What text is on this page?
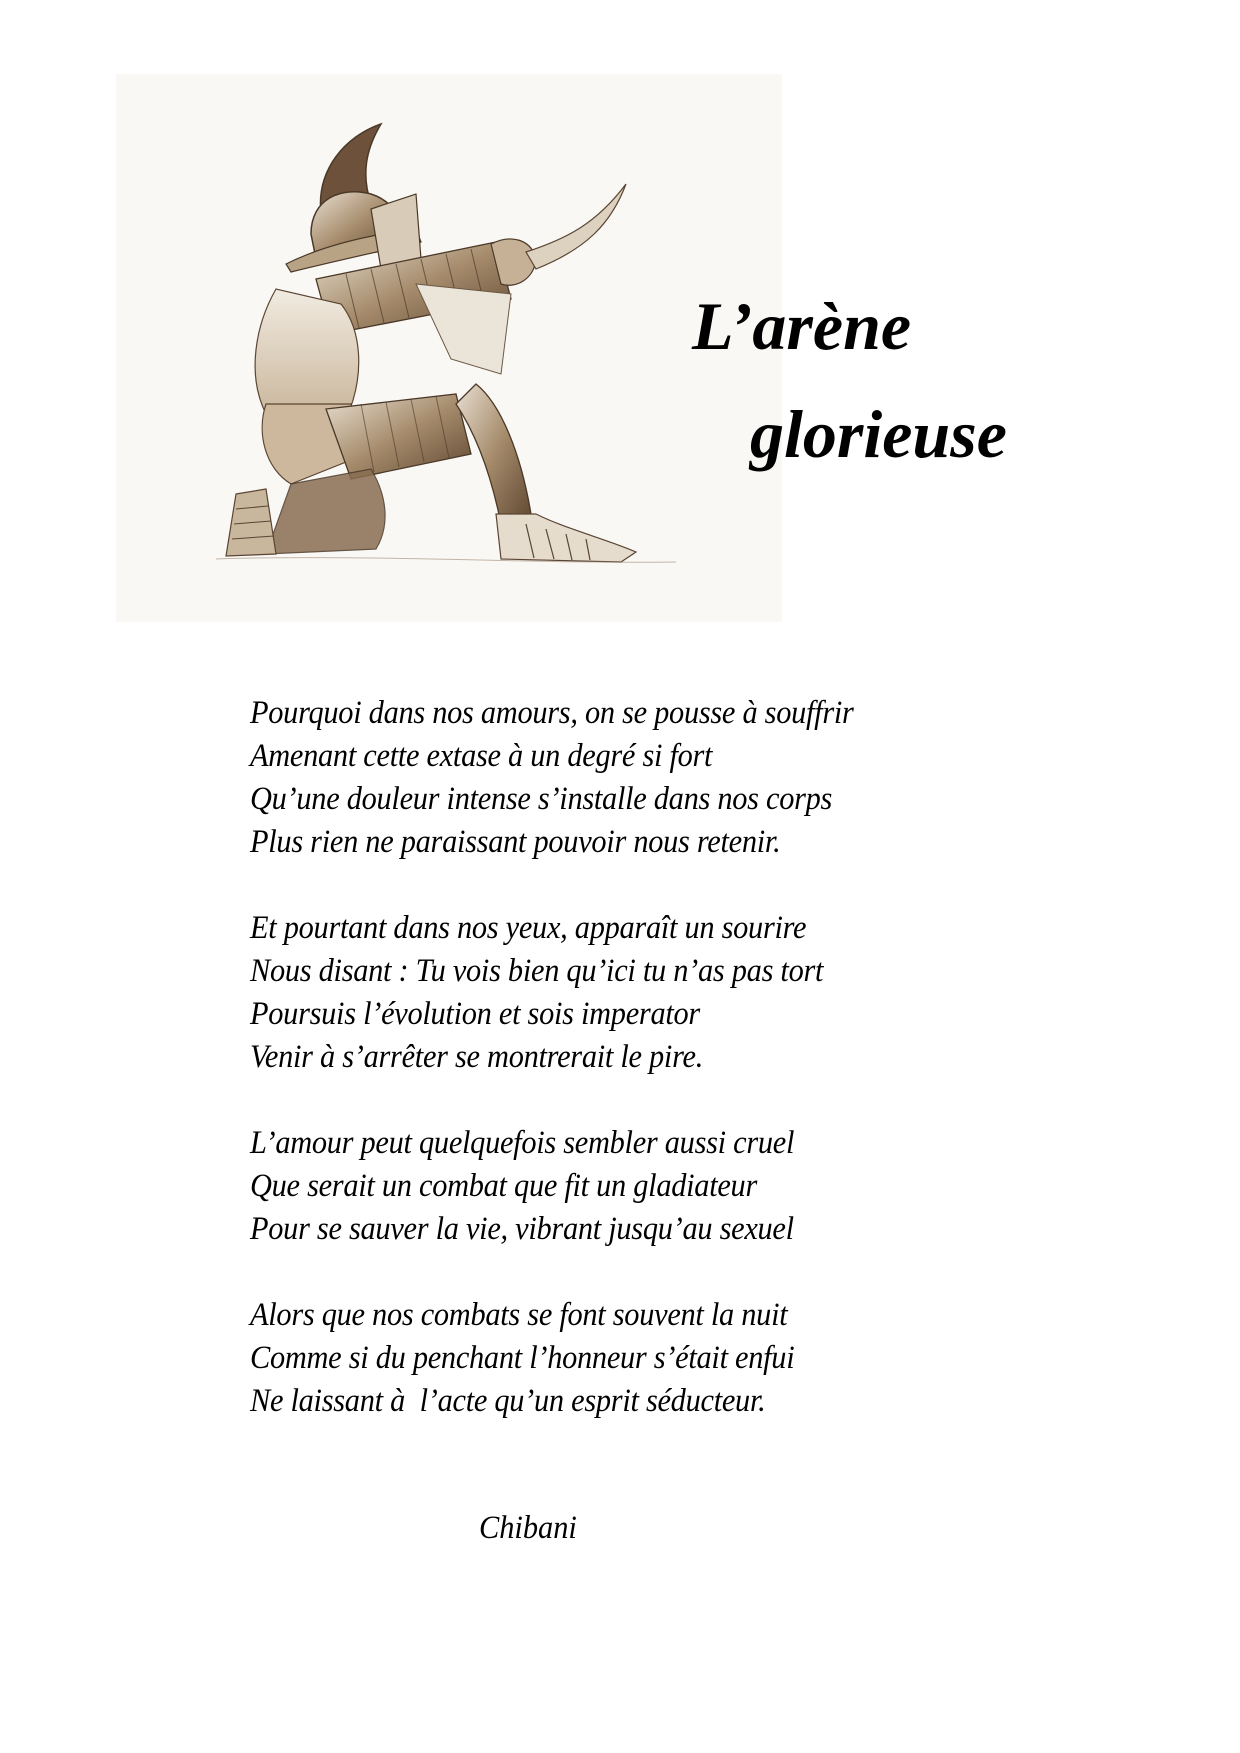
L’arène
glorieuse
Pourquoi dans nos amours, on se pousse à souffrir
Amenant cette extase à un degré si fort
Qu’une douleur intense s’installe dans nos corps
Plus rien ne paraissant pouvoir nous retenir.
Et pourtant dans nos yeux, apparaît un sourire
Nous disant : Tu vois bien qu’ici tu n’as pas tort
Poursuis l’évolution et sois imperator
Venir à s’arrêter se montrerait le pire.
L’amour peut quelquefois sembler aussi cruel
Que serait un combat que fit un gladiateur
Pour se sauver la vie, vibrant jusqu’au sexuel
Alors que nos combats se font souvent la nuit
Comme si du penchant l’honneur s’était enfui
Ne laissant à  l’acte qu’un esprit séducteur.
Chibani
